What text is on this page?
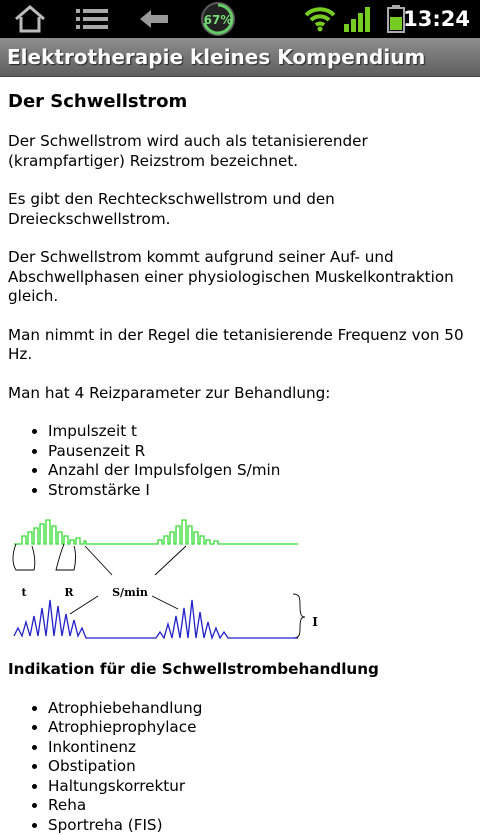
67%	13:24
Elektrotherapie kleines Kompendium
Der Schwellstrom

Der Schwellstrom wird auch als tetanisierender (krampfartiger) Reizstrom bezeichnet.

Es gibt den Rechteckschwellstrom und den Dreieckschwellstrom.

Der Schwellstrom kommt aufgrund seiner Auf- und Abschwellphasen einer physiologischen Muskelkontraktion gleich.

Man nimmt in der Regel die tetanisierende Frequenz von 50 Hz.

Man hat 4 Reizparameter zur Behandlung:

• Impulszeit t
• Pausenzeit R
• Anzahl der Impulsfolgen S/min
• Stromstärke I
t	R	S/min
I
Indikation für die Schwellstrombehandlung
• Atrophiebehandlung
• Atrophieprophylace
• Inkontinenz
• Obstipation
• Haltungskorrektur
• Reha
• Sportreha (FIS)
